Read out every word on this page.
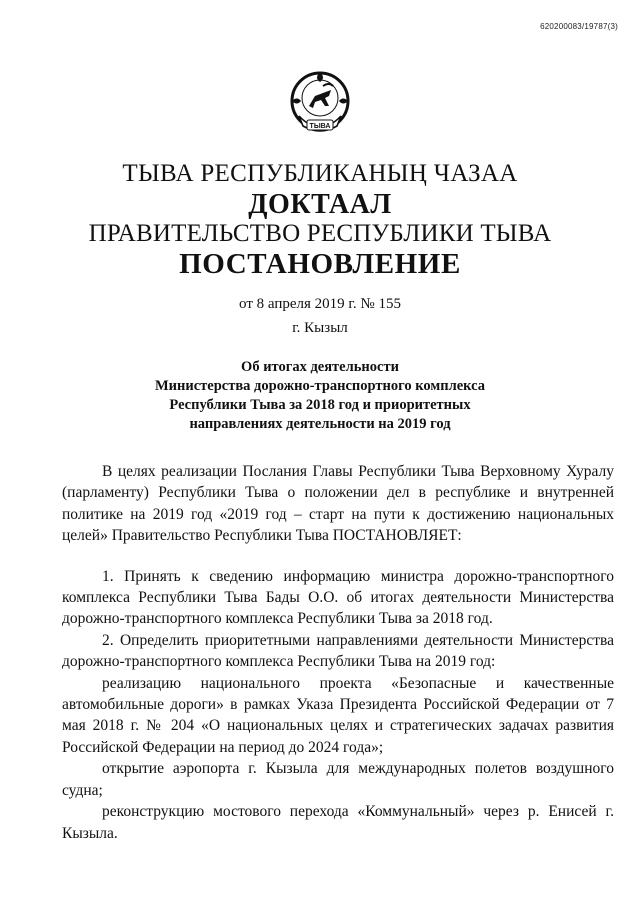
620200083/19787(3)
ТЫВА
ТЫВА РЕСПУБЛИКАНЫҢ ЧАЗАА
ДОКТААЛ
ПРАВИТЕЛЬСТВО РЕСПУБЛИКИ ТЫВА
ПОСТАНОВЛЕНИЕ
от 8 апреля 2019 г. № 155
г. Кызыл
Об итогах деятельности
Министерства дорожно-транспортного комплекса
Республики Тыва за 2018 год и приоритетных
направлениях деятельности на 2019 год

В целях реализации Послания Главы Республики Тыва Верховному Хуралу (парламенту) Республики Тыва о положении дел в республике и внутренней политике на 2019 год «2019 год – старт на пути к достижению национальных целей» Правительство Республики Тыва ПОСТАНОВЛЯЕТ:

1. Принять к сведению информацию министра дорожно-транспортного комплекса Республики Тыва Бады О.О. об итогах деятельности Министерства дорожно-транспортного комплекса Республики Тыва за 2018 год.

2. Определить приоритетными направлениями деятельности Министерства дорожно-транспортного комплекса Республики Тыва на 2019 год:

реализацию национального проекта «Безопасные и качественные автомобильные дороги» в рамках Указа Президента Российской Федерации от 7 мая 2018 г. № 204 «О национальных целях и стратегических задачах развития Российской Федерации на период до 2024 года»;

открытие аэропорта г. Кызыла для международных полетов воздушного судна;

реконструкцию мостового перехода «Коммунальный» через р. Енисей г. Кызыла.
